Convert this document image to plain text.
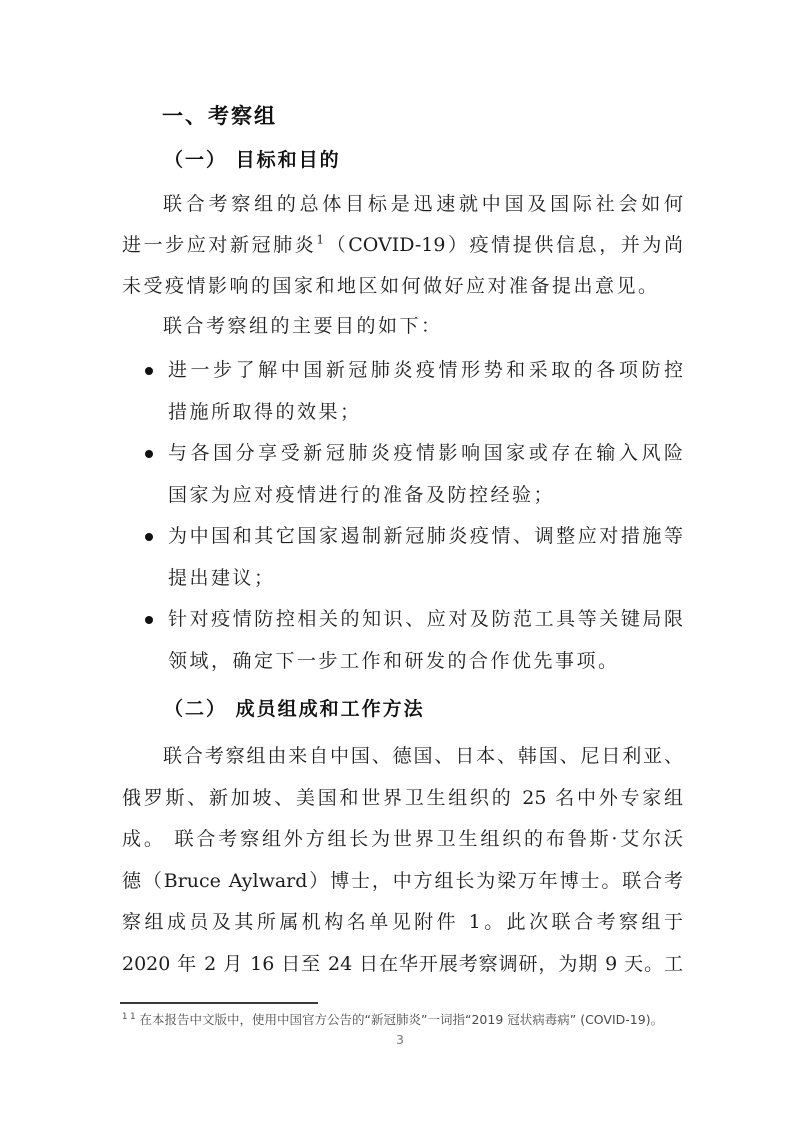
一、考察组
（一） 目标和目的
联合考察组的总体目标是迅速就中国及国际社会如何
进一步应对新冠肺炎$^1$（COVID-19）疫情提供信息，并为尚
未受疫情影响的国家和地区如何做好应对准备提出意见。
联合考察组的主要目的如下：
进一步了解中国新冠肺炎疫情形势和采取的各项防控
措施所取得的效果；
与各国分享受新冠肺炎疫情影响国家或存在输入风险
国家为应对疫情进行的准备及防控经验；
为中国和其它国家遏制新冠肺炎疫情、调整应对措施等
提出建议；
针对疫情防控相关的知识、应对及防范工具等关键局限
领域，确定下一步工作和研发的合作优先事项。
（二） 成员组成和工作方法
联合考察组由来自中国、德国、日本、韩国、尼日利亚、
俄罗斯、新加坡、美国和世界卫生组织的 25 名中外专家组
成。 联合考察组外方组长为世界卫生组织的布鲁斯·艾尔沃
德（Bruce Aylward）博士，中方组长为梁万年博士。联合考
察组成员及其所属机构名单见附件 1。此次联合考察组于
2020 年 2 月 16 日至 24 日在华开展考察调研，为期 9 天。工
$^{1 1}$ 在本报告中文版中，使用中国官方公告的“新冠肺炎”一词指“2019 冠状病毒病” (COVID-19)。
3
